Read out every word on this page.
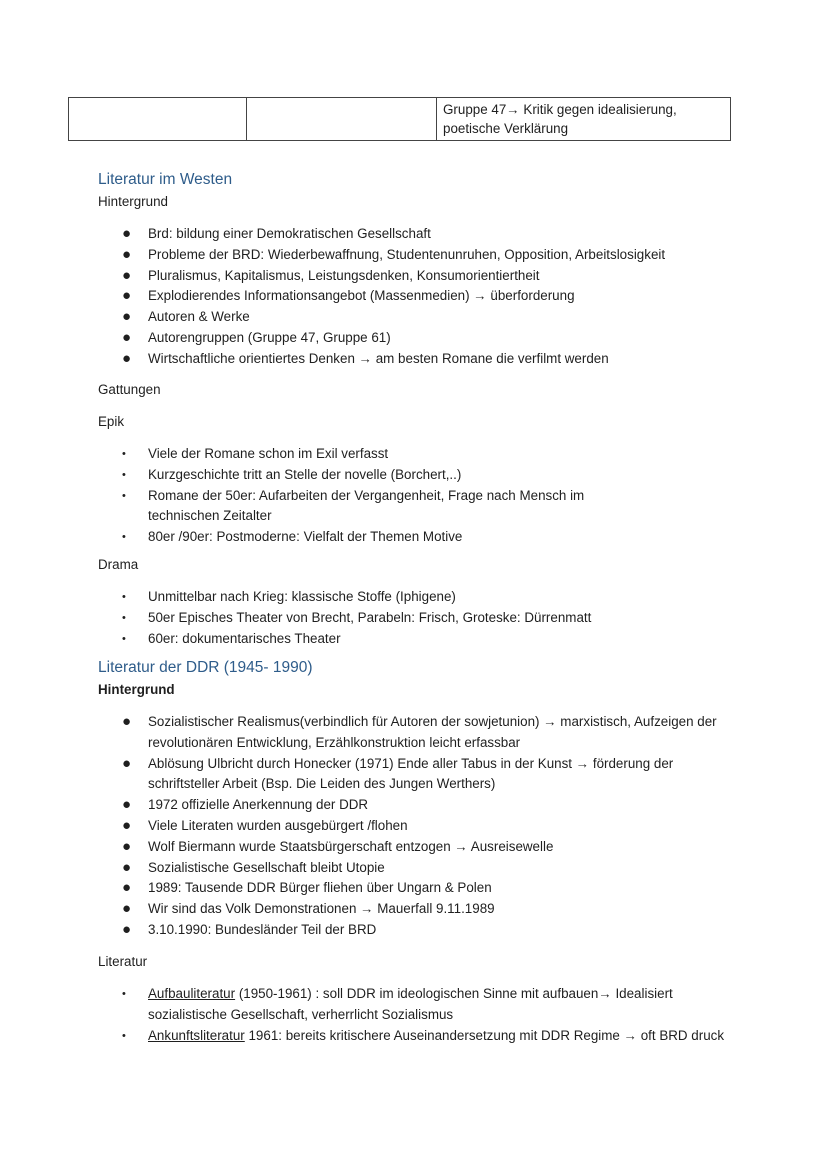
		Gruppe 47→ Kritik gegen idealisierung, poetische Verklärung
Literatur im Westen
Hintergrund
● Brd: bildung einer Demokratischen Gesellschaft
● Probleme der BRD: Wiederbewaffnung, Studentenunruhen, Opposition, Arbeitslosigkeit
● Pluralismus, Kapitalismus, Leistungsdenken, Konsumorientiertheit
● Explodierendes Informationsangebot (Massenmedien) → überforderung
● Autoren & Werke
● Autorengruppen (Gruppe 47, Gruppe 61)
● Wirtschaftliche orientiertes Denken → am besten Romane die verfilmt werden
Gattungen
Epik
• Viele der Romane schon im Exil verfasst
• Kurzgeschichte tritt an Stelle der novelle (Borchert,..)
• Romane der 50er: Aufarbeiten der Vergangenheit, Frage nach Mensch im technischen Zeitalter
• 80er /90er: Postmoderne: Vielfalt der Themen Motive
Drama
• Unmittelbar nach Krieg: klassische Stoffe (Iphigene)
• 50er Episches Theater von Brecht, Parabeln: Frisch, Groteske: Dürrenmatt
• 60er: dokumentarisches Theater
Literatur der DDR (1945- 1990)
Hintergrund
● Sozialistischer Realismus(verbindlich für Autoren der sowjetunion) → marxistisch, Aufzeigen der revolutionären Entwicklung, Erzählkonstruktion leicht erfassbar
● Ablösung Ulbricht durch Honecker (1971) Ende aller Tabus in der Kunst → förderung der schriftsteller Arbeit (Bsp. Die Leiden des Jungen Werthers)
● 1972 offizielle Anerkennung der DDR
● Viele Literaten wurden ausgebürgert /flohen
● Wolf Biermann wurde Staatsbürgerschaft entzogen → Ausreisewelle
● Sozialistische Gesellschaft bleibt Utopie
● 1989: Tausende DDR Bürger fliehen über Ungarn & Polen
● Wir sind das Volk Demonstrationen → Mauerfall 9.11.1989
● 3.10.1990: Bundesländer Teil der BRD
Literatur
• Aufbauliteratur (1950-1961) : soll DDR im ideologischen Sinne mit aufbauen→ Idealisiert sozialistische Gesellschaft, verherrlicht Sozialismus
• Ankunftsliteratur 1961: bereits kritischere Auseinandersetzung mit DDR Regime → oft BRD druck
